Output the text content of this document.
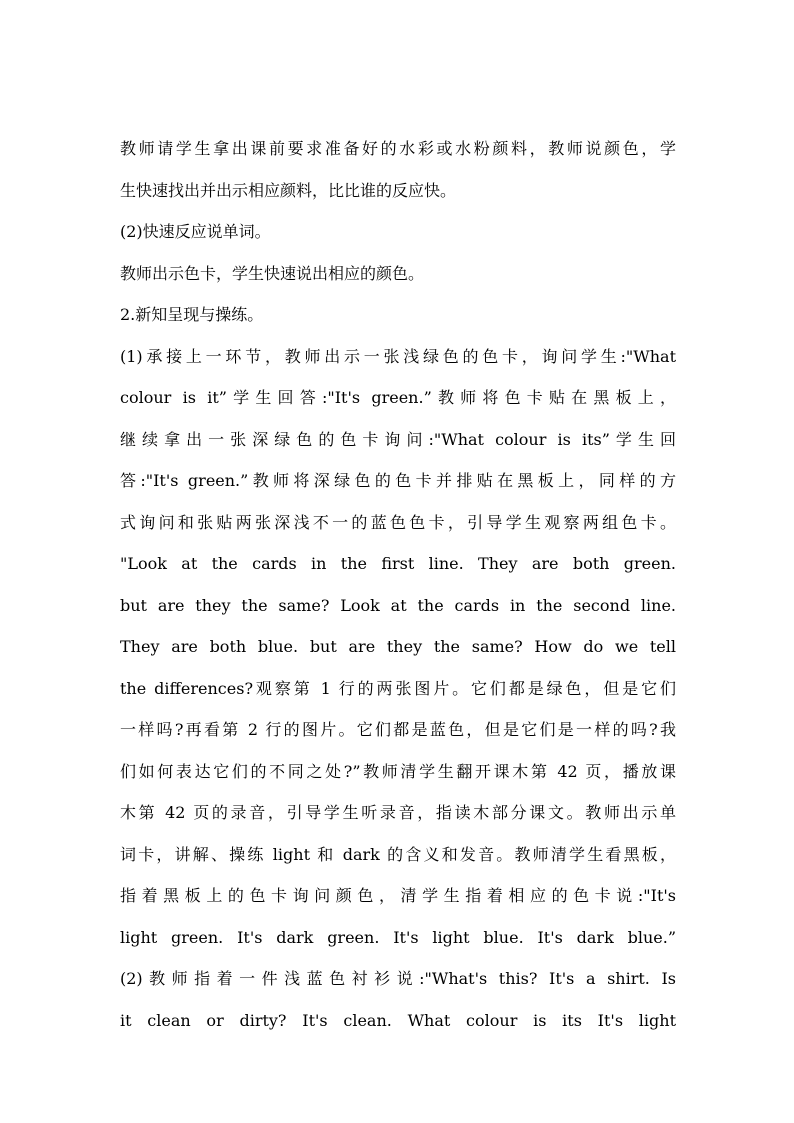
教师请学生拿出课前要求准备好的水彩或水粉颜料，教师说颜色，学
生快速找出并出示相应颜料，比比谁的反应快。
(2)快速反应说单词。
教师出示色卡，学生快速说出相应的颜色。
2.新知呈现与操练。
(1)承接上一环节，教师出示一张浅绿色的色卡，询问学生:"What
colour is it”学生回答:"It's green.”教师将色卡贴在黑板上，
继续拿出一张深绿色的色卡询问:"What colour is its”学生回
答:"It's green.”教师将深绿色的色卡并排贴在黑板上，同样的方
式询问和张贴两张深浅不一的蓝色色卡，引导学生观察两组色卡。
"Look at the cards in the first line. They are both green.
but are they the same? Look at the cards in the second line.
They are both blue. but are they the same? How do we tell
the differences?观察第 1 行的两张图片。它们都是绿色，但是它们
一样吗?再看第 2 行的图片。它们都是蓝色，但是它们是一样的吗?我
们如何表达它们的不同之处?”教师清学生翻开课木第 42 页，播放课
木第 42 页的录音，引导学生听录音，指读木部分课文。教师出示单
词卡，讲解、操练 light 和 dark 的含义和发音。教师清学生看黑板，
指着黑板上的色卡询问颜色，清学生指着相应的色卡说:"It's
light green. It's dark green. It's light blue. It's dark blue.”
(2)教师指着一件浅蓝色衬衫说:"What's this? It's a shirt. Is
it clean or dirty? It's clean. What colour is its It's light
